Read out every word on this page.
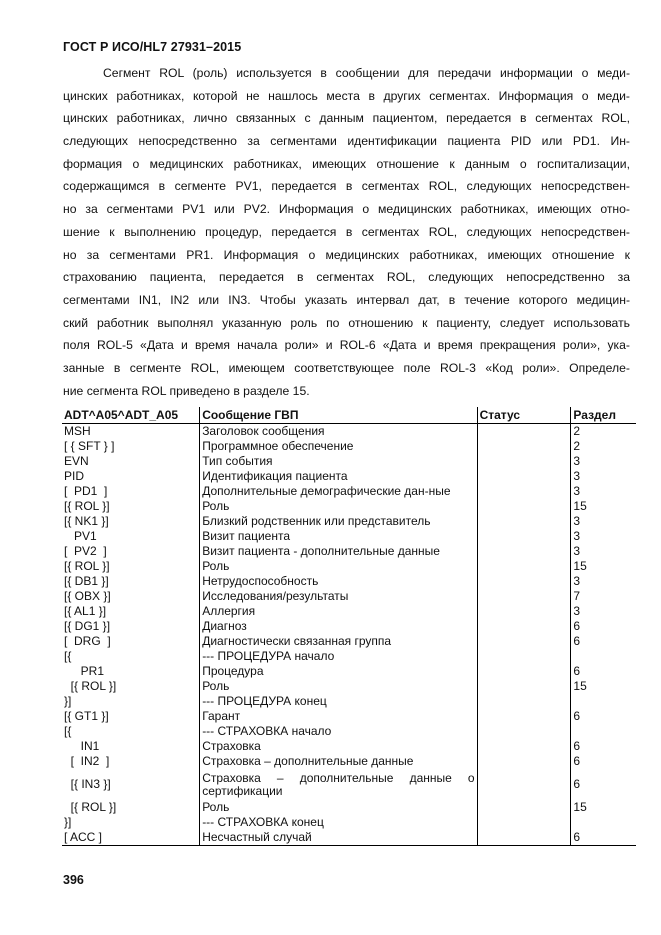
ГОСТ Р ИСО/HL7 27931–2015
Сегмент ROL (роль) используется в сообщении для передачи информации о меди-
цинских работниках, которой не нашлось места в других сегментах. Информация о меди-
цинских работниках, лично связанных с данным пациентом, передается в сегментах ROL,
следующих непосредственно за сегментами идентификации пациента PID или PD1. Ин-
формация о медицинских работниках, имеющих отношение к данным о госпитализации,
содержащимся в сегменте PV1, передается в сегментах ROL, следующих непосредствен-
но за сегментами PV1 или PV2. Информация о медицинских работниках, имеющих отно-
шение к выполнению процедур, передается в сегментах ROL, следующих непосредствен-
но за сегментами PR1. Информация о медицинских работниках, имеющих отношение к
страхованию пациента, передается в сегментах ROL, следующих непосредственно за
сегментами IN1, IN2 или IN3. Чтобы указать интервал дат, в течение которого медицин-
ский работник выполнял указанную роль по отношению к пациенту, следует использовать
поля ROL-5 «Дата и время начала роли» и ROL-6 «Дата и время прекращения роли», ука-
занные в сегменте ROL, имеющем соответствующее поле ROL-3 «Код роли». Определе-
ние сегмента ROL приведено в разделе 15.
ADT^A05^ADT_A05	Сообщение ГВП	Статус	Раздел
MSH	Заголовок сообщения		2
[ { SFT } ]	Программное обеспечение		2
EVN	Тип события		3
PID	Идентификация пациента		3
[  PD1  ]	Дополнительные демографические дан-ные		3
[{ ROL }]	Роль		15
[{ NK1 }]	Близкий родственник или представитель		3
PV1	Визит пациента		3
[  PV2  ]	Визит пациента - дополнительные данные		3
[{ ROL }]	Роль		15
[{ DB1 }]	Нетрудоспособность		3
[{ OBX }]	Исследования/результаты		7
[{ AL1 }]	Аллергия		3
[{ DG1 }]	Диагноз		6
[  DRG  ]	Диагностически связанная группа		6
[{	--- ПРОЦЕДУРА начало		

PR1	Процедура		6
[{ ROL }]	Роль		15
}]	--- ПРОЦЕДУРА конец		

[{ GT1 }]	Гарант		6
[{	--- СТРАХОВКА начало		

IN1	Страховка		6
[  IN2  ]	Страховка – дополнительные данные		6
[{ IN3 }]	Страховка – дополнительные данные о сертификации		6
[{ ROL }]	Роль		15
}]	--- СТРАХОВКА конец		

[ ACC ]	Несчастный случай		6
396
